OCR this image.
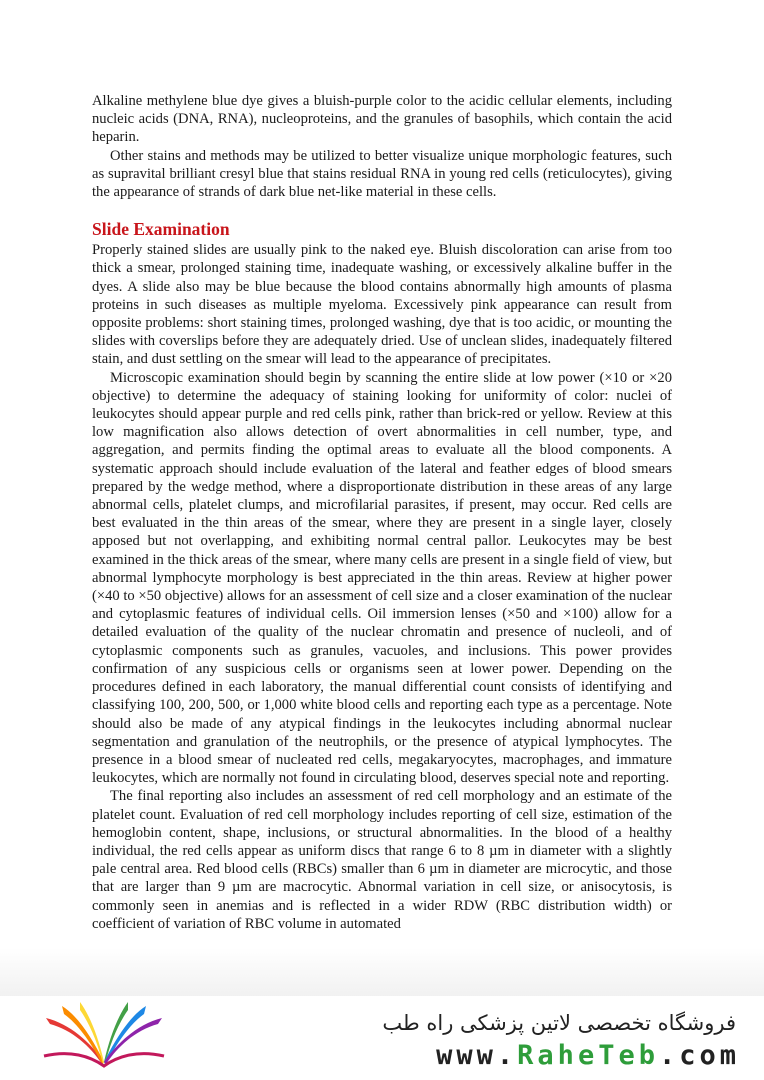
Alkaline methylene blue dye gives a bluish-purple color to the acidic cellular elements, including nucleic acids (DNA, RNA), nucleoproteins, and the granules of basophils, which contain the acid heparin.

Other stains and methods may be utilized to better visualize unique morphologic features, such as supravital brilliant cresyl blue that stains residual RNA in young red cells (reticulocytes), giving the appearance of strands of dark blue net-like material in these cells.

Slide Examination

Properly stained slides are usually pink to the naked eye. Bluish discoloration can arise from too thick a smear, prolonged staining time, inadequate washing, or excessively alkaline buffer in the dyes. A slide also may be blue because the blood contains abnormally high amounts of plasma proteins in such diseases as multiple myeloma. Excessively pink appearance can result from opposite problems: short staining times, prolonged washing, dye that is too acidic, or mounting the slides with coverslips before they are adequately dried. Use of unclean slides, inadequately filtered stain, and dust settling on the smear will lead to the appearance of precipitates.

Microscopic examination should begin by scanning the entire slide at low power (×10 or ×20 objective) to determine the adequacy of staining looking for uniformity of color: nuclei of leukocytes should appear purple and red cells pink, rather than brick-red or yellow. Review at this low magnification also allows detection of overt abnormalities in cell number, type, and aggregation, and permits finding the optimal areas to evaluate all the blood components. A systematic approach should include evaluation of the lateral and feather edges of blood smears prepared by the wedge method, where a disproportionate distribution in these areas of any large abnormal cells, platelet clumps, and microfilarial parasites, if present, may occur. Red cells are best evaluated in the thin areas of the smear, where they are present in a single layer, closely apposed but not overlapping, and exhibiting normal central pallor. Leukocytes may be best examined in the thick areas of the smear, where many cells are present in a single field of view, but abnormal lymphocyte morphology is best appreciated in the thin areas. Review at higher power (×40 to ×50 objective) allows for an assessment of cell size and a closer examination of the nuclear and cytoplasmic features of individual cells. Oil immersion lenses (×50 and ×100) allow for a detailed evaluation of the quality of the nuclear chromatin and presence of nucleoli, and of cytoplasmic components such as granules, vacuoles, and inclusions. This power provides confirmation of any suspicious cells or organisms seen at lower power. Depending on the procedures defined in each laboratory, the manual differential count consists of identifying and classifying 100, 200, 500, or 1,000 white blood cells and reporting each type as a percentage. Note should also be made of any atypical findings in the leukocytes including abnormal nuclear segmentation and granulation of the neutrophils, or the presence of atypical lymphocytes. The presence in a blood smear of nucleated red cells, megakaryocytes, macrophages, and immature leukocytes, which are normally not found in circulating blood, deserves special note and reporting.

The final reporting also includes an assessment of red cell morphology and an estimate of the platelet count. Evaluation of red cell morphology includes reporting of cell size, estimation of the hemoglobin content, shape, inclusions, or structural abnormalities. In the blood of a healthy individual, the red cells appear as uniform discs that range 6 to 8 µm in diameter with a slightly pale central area. Red blood cells (RBCs) smaller than 6 µm in diameter are microcytic, and those that are larger than 9 µm are macrocytic. Abnormal variation in cell size, or anisocytosis, is commonly seen in anemias and is reflected in a wider RDW (RBC distribution width) or coefficient of variation of RBC volume in automated

فروشگاه تخصصی لاتین پزشکی راه طب
www.RaheTeb.com
